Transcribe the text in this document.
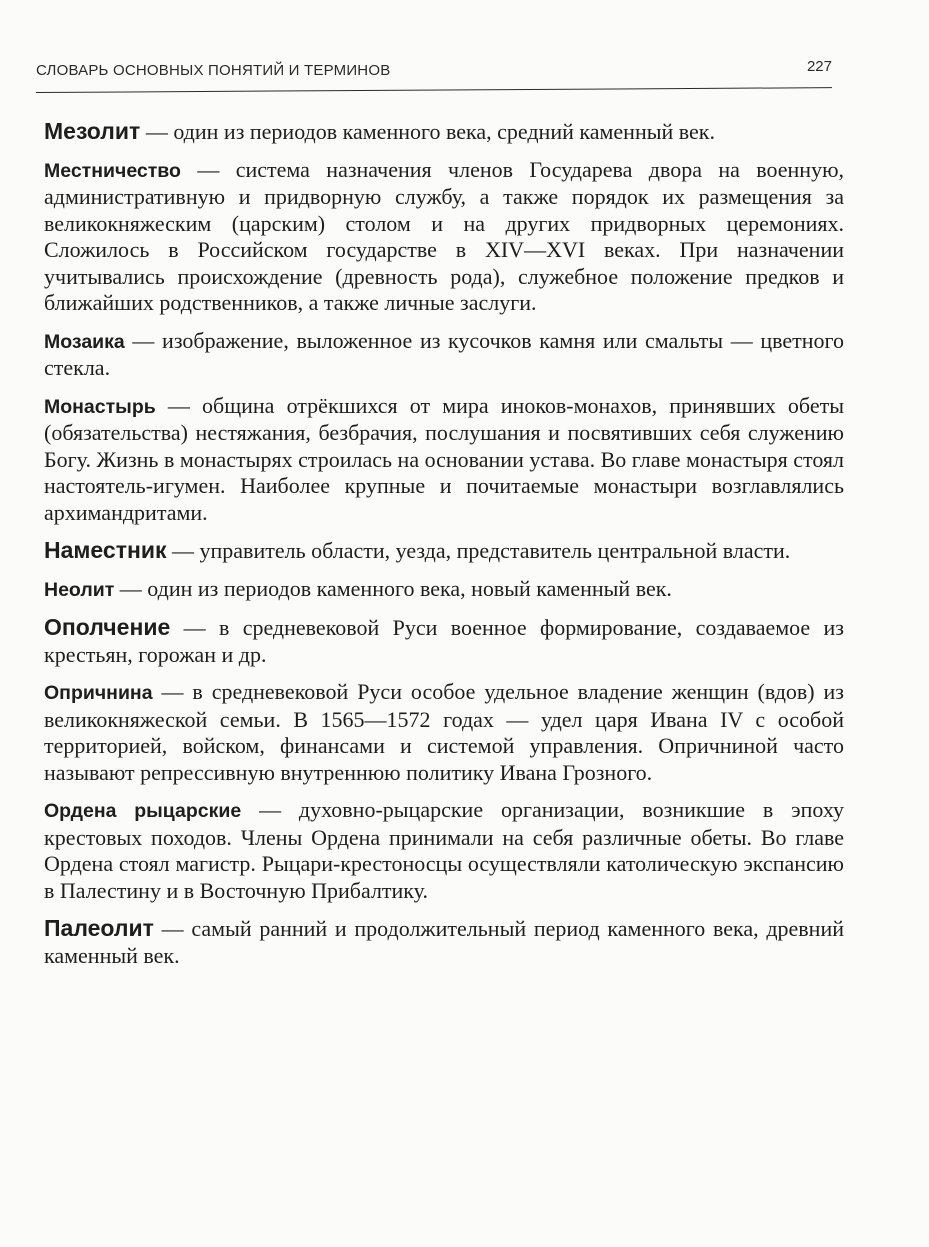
СЛОВАРЬ ОСНОВНЫХ ПОНЯТИЙ И ТЕРМИНОВ	227

Мезолит — один из периодов каменного века, средний каменный век.

Местничество — система назначения членов Государева двора на военную, административную и придворную службу, а также порядок их размещения за великокняжеским (царским) столом и на других придворных церемониях. Сложилось в Российском государстве в XIV—XVI веках. При назначении учитывались происхождение (древность рода), служебное положение предков и ближайших родственников, а также личные заслуги.

Мозаика — изображение, выложенное из кусочков камня или смальты — цветного стекла.

Монастырь — община отрёкшихся от мира иноков-монахов, принявших обеты (обязательства) нестяжания, безбрачия, послушания и посвятивших себя служению Богу. Жизнь в монастырях строилась на основании устава. Во главе монастыря стоял настоятель-игумен. Наиболее крупные и почитаемые монастыри возглавлялись архимандритами.

Наместник — управитель области, уезда, представитель центральной власти.

Неолит — один из периодов каменного века, новый каменный век.

Ополчение — в средневековой Руси военное формирование, создаваемое из крестьян, горожан и др.

Опричнина — в средневековой Руси особое удельное владение женщин (вдов) из великокняжеской семьи. В 1565—1572 годах — удел царя Ивана IV с особой территорией, войском, финансами и системой управления. Опричниной часто называют репрессивную внутреннюю политику Ивана Грозного.

Ордена рыцарские — духовно-рыцарские организации, возникшие в эпоху крестовых походов. Члены Ордена принимали на себя различные обеты. Во главе Ордена стоял магистр. Рыцари-крестоносцы осуществляли католическую экспансию в Палестину и в Восточную Прибалтику.

Палеолит — самый ранний и продолжительный период каменного века, древний каменный век.
